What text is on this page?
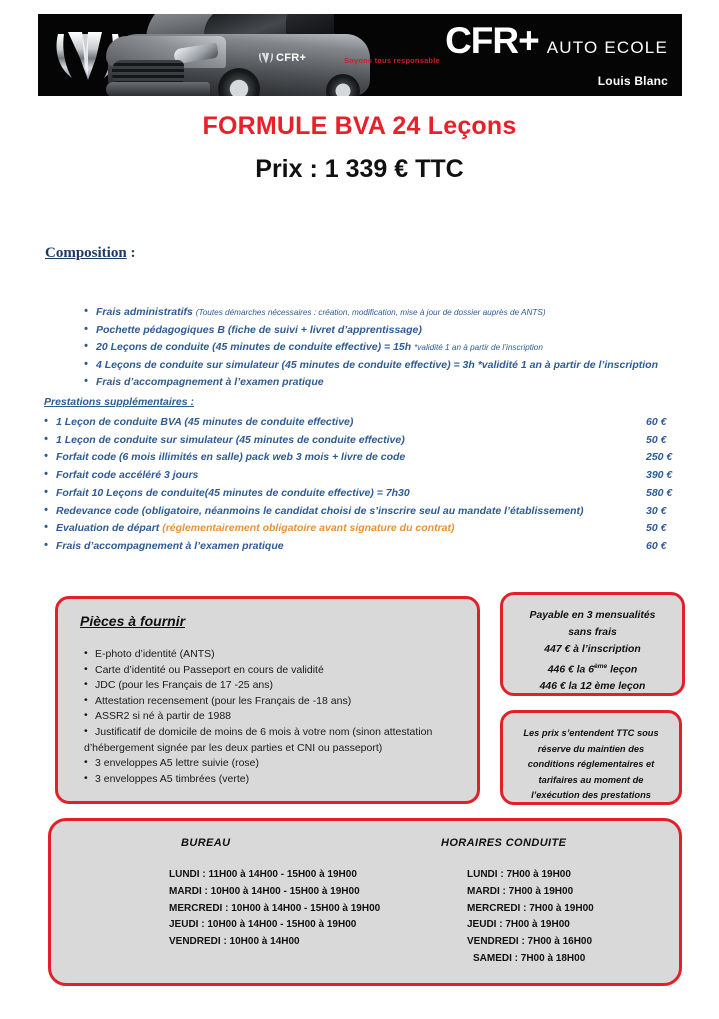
CFR+	CFR+ AUTO ECOLE
Soyons tous responsable
Louis Blanc
FORMULE BVA 24 Leçons
Prix : 1 339 € TTC
Composition :
• Frais administratifs (Toutes démarches nécessaires : création, modification, mise à jour de dossier auprès de ANTS)
• Pochette pédagogiques B (fiche de suivi + livret d’apprentissage)
• 20 Leçons de conduite (45 minutes de conduite effective) = 15h *validité 1 an à partir de l’inscription
• 4 Leçons de conduite sur simulateur (45 minutes de conduite effective) = 3h *validité 1 an à partir de l’inscription
• Frais d’accompagnement à l’examen pratique
Prestations supplémentaires :
• 1 Leçon de conduite BVA (45 minutes de conduite effective)	60 €
• 1 Leçon de conduite sur simulateur (45 minutes de conduite effective)	50 €
• Forfait code (6 mois illimités en salle) pack web 3 mois + livre de code	250 €
• Forfait code accéléré 3 jours	390 €
• Forfait 10 Leçons de conduite(45 minutes de conduite effective) = 7h30	580 €
• Redevance code (obligatoire, néanmoins le candidat choisi de s’inscrire seul au mandate l’établissement)	30 €
• Evaluation de départ (réglementairement obligatoire avant signature du contrat)	50 €
• Frais d’accompagnement à l’examen pratique	60 €
Pièces à fournir
• E-photo d’identité (ANTS)
• Carte d’identité ou Passeport en cours de validité
• JDC (pour les Français de 17 -25 ans)
• Attestation recensement (pour les Français de -18 ans)
• ASSR2 si né à partir de 1988
• Justificatif de domicile de moins de 6 mois à votre nom (sinon attestation
d’hébergement signée par les deux parties et CNI ou passeport)
• 3 enveloppes A5 lettre suivie (rose)
• 3 enveloppes A5 timbrées (verte)
Payable en 3 mensualités
sans frais
447 € à l’inscription
446 € la 6ème leçon
446 € la 12 ème leçon
Les prix s’entendent TTC sous
réserve du maintien des
conditions réglementaires et
tarifaires au moment de
l’exécution des prestations
BUREAU
LUNDI : 11H00 à 14H00 - 15H00 à 19H00
MARDI : 10H00 à 14H00 - 15H00 à 19H00
MERCREDI : 10H00 à 14H00 - 15H00 à 19H00
JEUDI : 10H00 à 14H00 - 15H00 à 19H00
VENDREDI : 10H00 à 14H00
HORAIRES CONDUITE
LUNDI : 7H00 à 19H00
MARDI : 7H00 à 19H00
MERCREDI : 7H00 à 19H00
JEUDI : 7H00 à 19H00
VENDREDI : 7H00 à 16H00
SAMEDI : 7H00 à 18H00
